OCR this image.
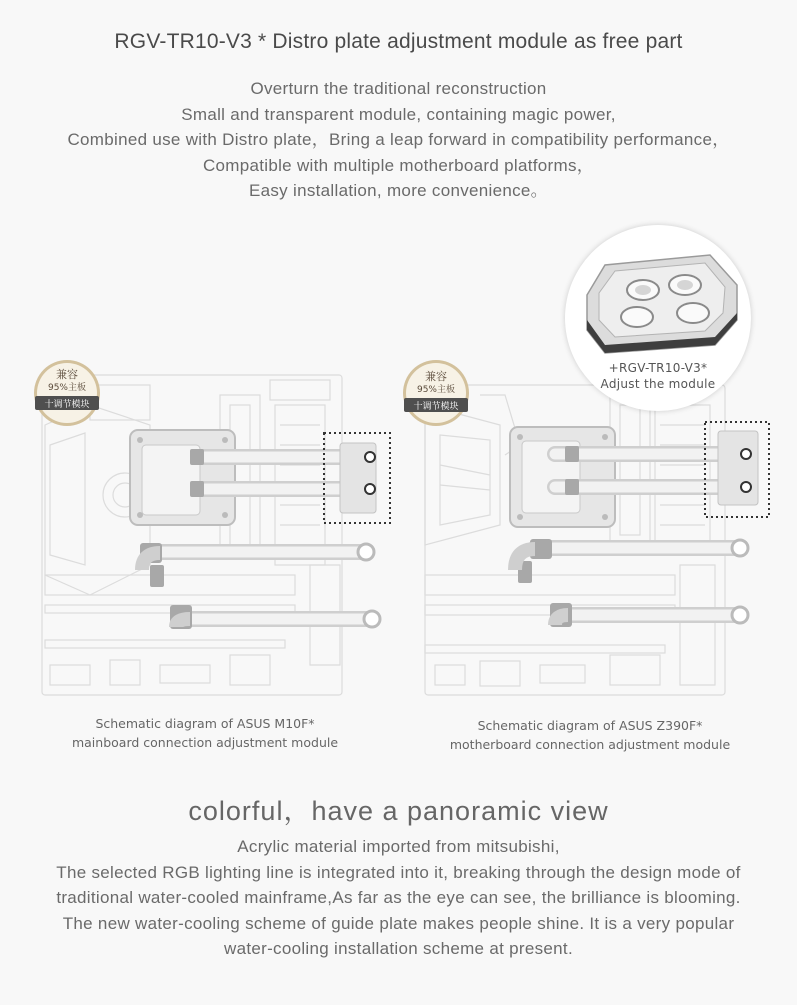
RGV-TR10-V3 * Distro plate adjustment module as free part
Overturn the traditional reconstruction
Small and transparent module, containing magic power,
Combined use with Distro plate，Bring a leap forward in compatibility performance，
Compatible with multiple motherboard platforms，
Easy installation, more convenience。
兼容
95%主板
十调节模块
兼容
95%主板
十调节模块
+RGV-TR10-V3*
Adjust the module
Schematic diagram of ASUS M10F*
mainboard connection adjustment module
Schematic diagram of ASUS Z390F*
motherboard connection adjustment module
colorful，have a panoramic view
Acrylic material imported from mitsubishi,
The selected RGB lighting line is integrated into it, breaking through the design mode of
traditional water-cooled mainframe,As far as the eye can see, the brilliance is blooming.
The new water-cooling scheme of guide plate makes people shine. It is a very popular
water-cooling installation scheme at present.
